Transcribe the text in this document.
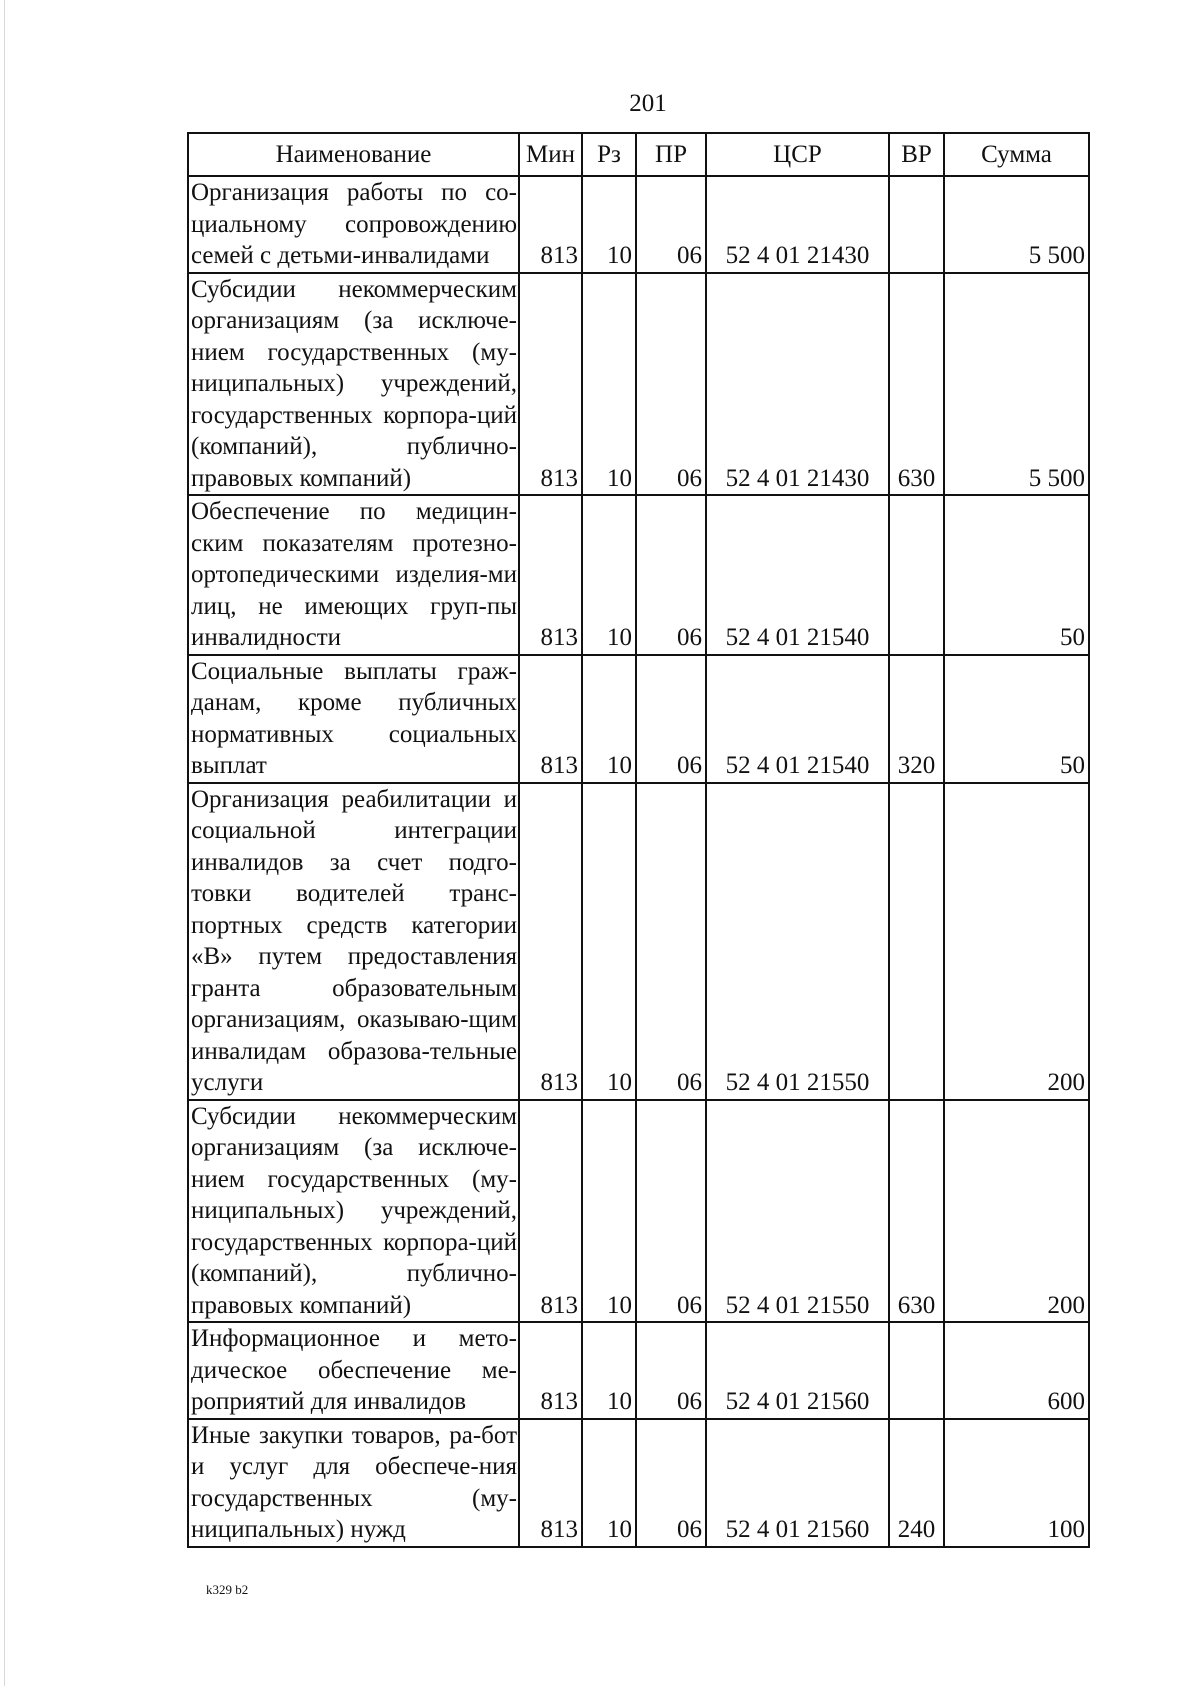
201
Наименование	Мин	Рз	ПР	ЦСР	ВР	Сумма
Организация работы по со-циальному сопровождению семей с детьми-инвалидами	813	10	06	52 4 01 21430		5 500
Субсидии некоммерческим организациям (за исключе-нием государственных (му-ниципальных) учреждений, государственных корпора-ций (компаний), публично-правовых компаний)	813	10	06	52 4 01 21430	630	5 500
Обеспечение по медицин-ским показателям протезно-ортопедическими изделия-ми лиц, не имеющих груп-пы инвалидности	813	10	06	52 4 01 21540		50
Социальные выплаты граж-данам, кроме публичных нормативных социальных выплат	813	10	06	52 4 01 21540	320	50
Организация реабилитации и социальной интеграции инвалидов за счет подго-товки водителей транс-портных средств категории «В» путем предоставления гранта образовательным организациям, оказываю-щим инвалидам образова-тельные услуги	813	10	06	52 4 01 21550		200
Субсидии некоммерческим организациям (за исключе-нием государственных (му-ниципальных) учреждений, государственных корпора-ций (компаний), публично-правовых компаний)	813	10	06	52 4 01 21550	630	200
Информационное и мето-дическое обеспечение ме-роприятий для инвалидов	813	10	06	52 4 01 21560		600
Иные закупки товаров, ра-бот и услуг для обеспече-ния государственных (му-ниципальных) нужд	813	10	06	52 4 01 21560	240	100
k329 b2
